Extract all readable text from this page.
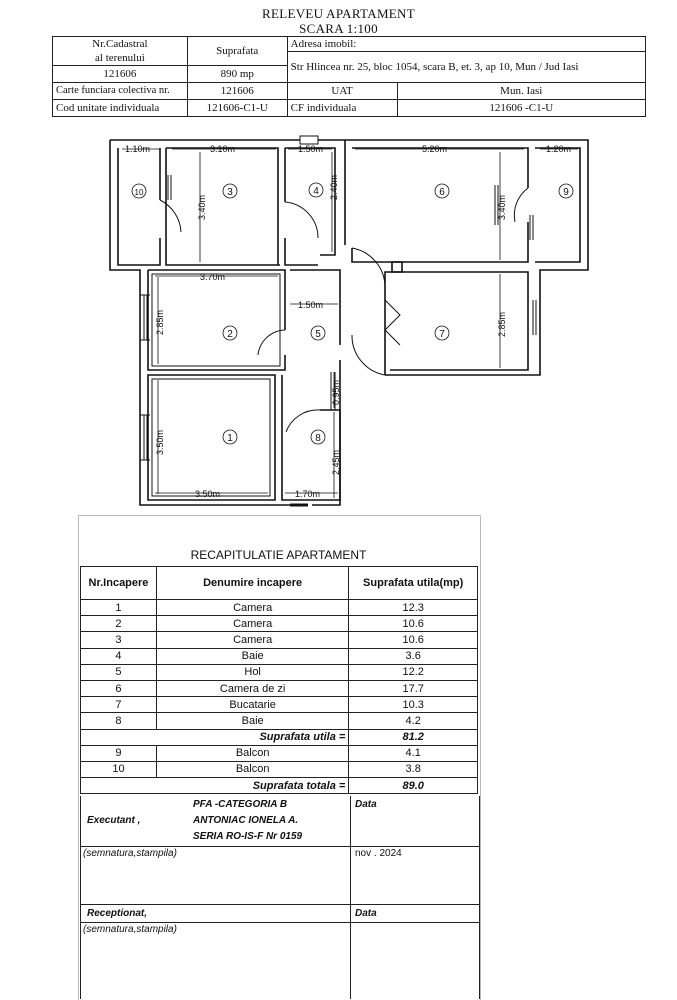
RELEVEU APARTAMENT
SCARA 1:100
Nr.Cadastral	Suprafata	Adresa imobil:	
al terenului		Str Hlincea nr. 25, bloc 1054, scara B, et. 3, ap 10, Mun / Jud Iasi	
121606	890 mp		
Carte funciara colectiva nr.	121606	UAT	Mun. Iasi
Cod unitate individuala	121606-C1-U	CF individuala	121606 -C1-U
1.10m	3.10m	1.50m	5.20m	1.20m
3.40m
2.40m
3.40m
3.70m
1.50m
2.85m	2.85m
0.95m
3.50m
2.45m
3.50m	1.70m
1
2
3	4
5
6
7
8
9
10
RECAPITULATIE APARTAMENT
Nr.Incapere	Denumire incapere	Suprafata utila(mp)
1	Camera	12.3
2	Camera	10.6
3	Camera	10.6
4	Baie	3.6
5	Hol	12.2
6	Camera de zi	17.7
7	Bucatarie	10.3
8	Baie	4.2
	Suprafata utila =	81.2
9	Balcon	4.1
10	Balcon	3.8
	Suprafata totala =	89.0
Executant ,
PFA -CATEGORIA B
ANTONIAC IONELA A.
SERIA RO-IS-F Nr 0159
Data
(semnatura,stampila)	nov . 2024
Receptionat,	Data
(semnatura,stampila)
